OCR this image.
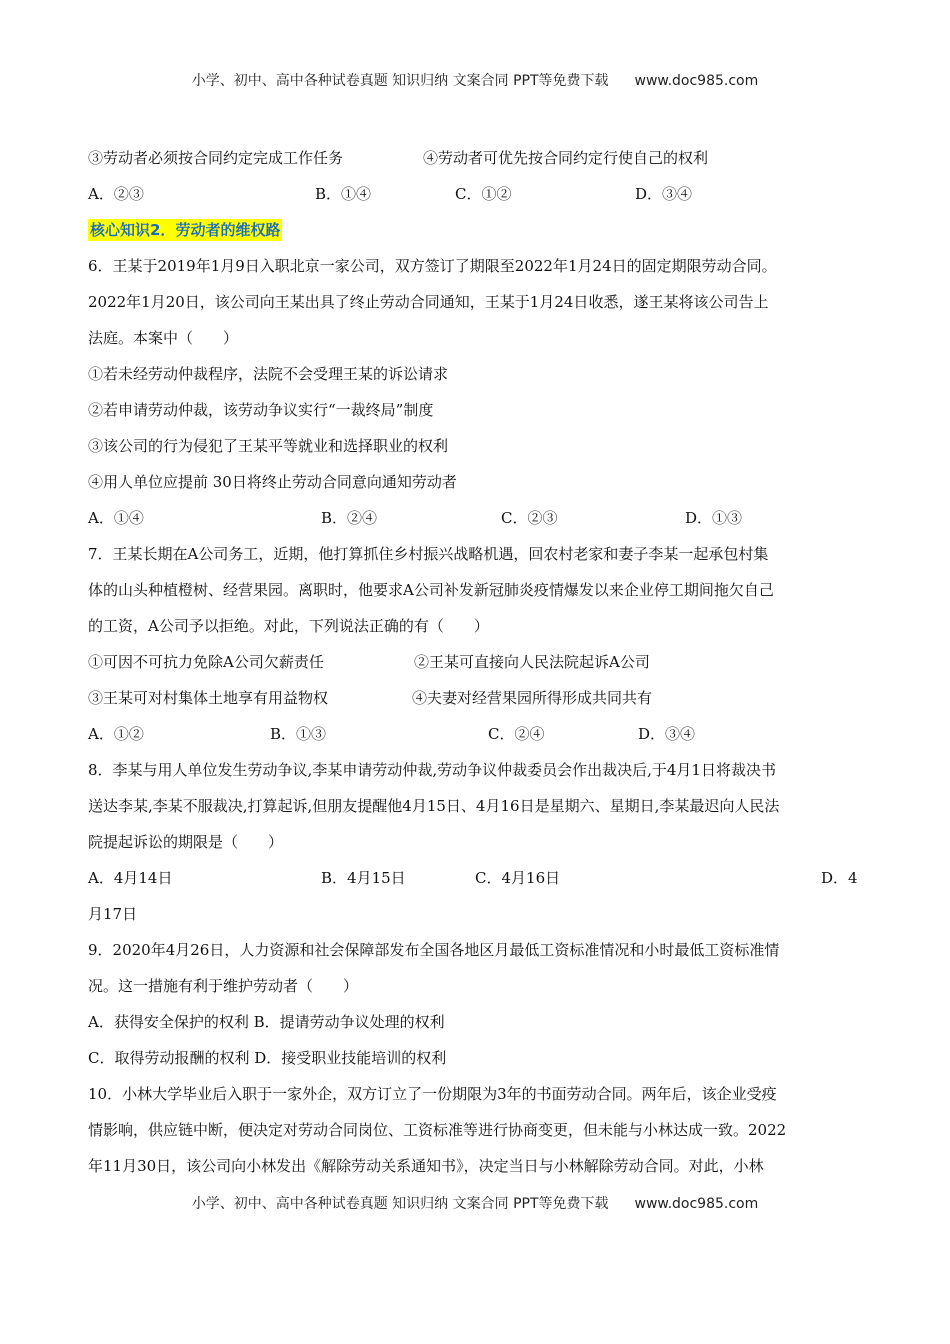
小学、初中、高中各种试卷真题 知识归纳 文案合同 PPT等免费下载 www.doc985.com
③劳动者必须按合同约定完成工作任务	④劳动者可优先按合同约定行使自己的权利
A．②③	B．①④	C．①②	D．③④
核心知识2．劳动者的维权路
6．王某于2019年1月9日入职北京一家公司，双方签订了期限至2022年1月24日的固定期限劳动合同。
2022年1月20日，该公司向王某出具了终止劳动合同通知，王某于1月24日收悉，遂王某将该公司告上
法庭。本案中（　　）
①若未经劳动仲裁程序，法院不会受理王某的诉讼请求
②若申请劳动仲裁，该劳动争议实行“一裁终局”制度
③该公司的行为侵犯了王某平等就业和选择职业的权利
④用人单位应提前 30日将终止劳动合同意向通知劳动者
A．①④	B．②④	C．②③	D．①③
7．王某长期在A公司务工，近期，他打算抓住乡村振兴战略机遇，回农村老家和妻子李某一起承包村集
体的山头种植橙树、经营果园。离职时，他要求A公司补发新冠肺炎疫情爆发以来企业停工期间拖欠自己
的工资，A公司予以拒绝。对此，下列说法正确的有（　　）
①可因不可抗力免除A公司欠薪责任	②王某可直接向人民法院起诉A公司
③王某可对村集体土地享有用益物权	④夫妻对经营果园所得形成共同共有
A．①②	B．①③	C．②④	D．③④
8．李某与用人单位发生劳动争议,李某申请劳动仲裁,劳动争议仲裁委员会作出裁决后,于4月1日将裁决书
送达李某,李某不服裁决,打算起诉,但朋友提醒他4月15日、4月16日是星期六、星期日,李某最迟向人民法
院提起诉讼的期限是（　　）
A．4月14日	B．4月15日	C．4月16日	D．4
月17日
9．2020年4月26日，人力资源和社会保障部发布全国各地区月最低工资标准情况和小时最低工资标准情
况。这一措施有利于维护劳动者（　　）
A．获得安全保护的权利 B．提请劳动争议处理的权利
C．取得劳动报酬的权利 D．接受职业技能培训的权利
10．小林大学毕业后入职于一家外企，双方订立了一份期限为3年的书面劳动合同。两年后，该企业受疫
情影响，供应链中断，便决定对劳动合同岗位、工资标准等进行协商变更，但未能与小林达成一致。2022
年11月30日，该公司向小林发出《解除劳动关系通知书》，决定当日与小林解除劳动合同。对此，小林
小学、初中、高中各种试卷真题 知识归纳 文案合同 PPT等免费下载 www.doc985.com
